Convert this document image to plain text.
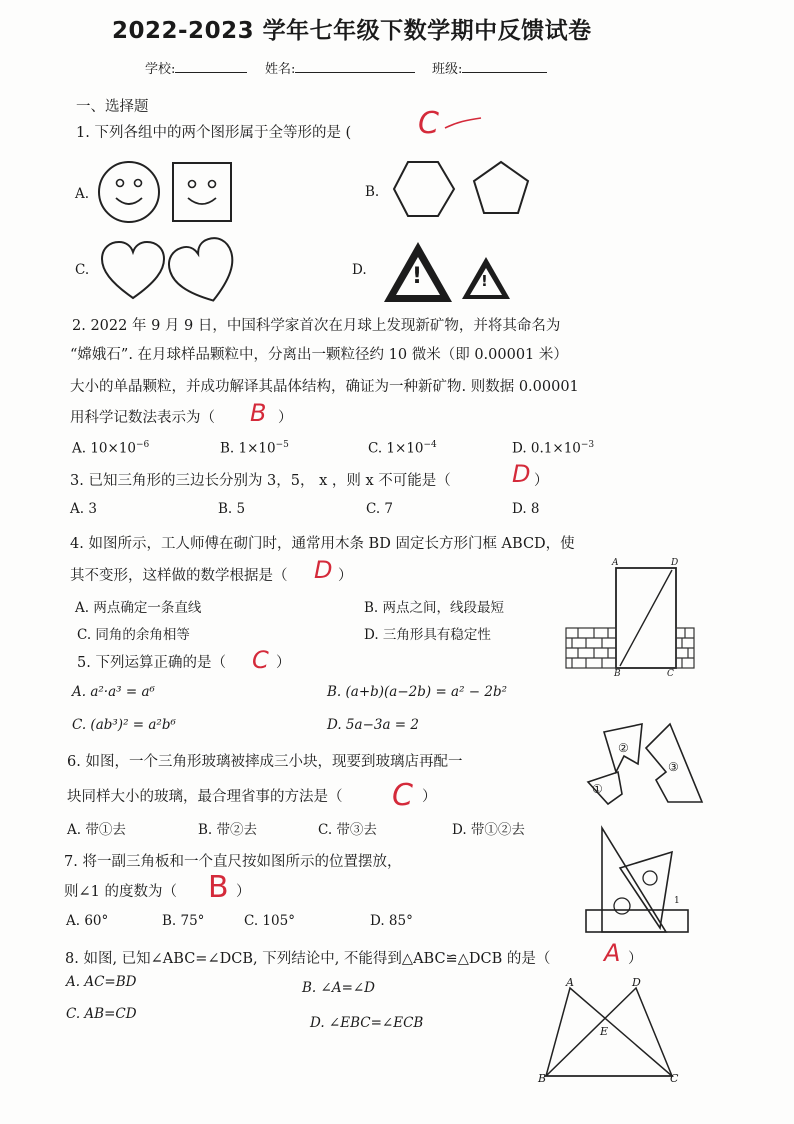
2022-2023 学年七年级下数学期中反馈试卷
学校:	姓名:	班级:
一、选择题
1. 下列各组中的两个图形属于全等形的是 ( C
A.	B.
C.	D. !	!
2. 2022 年 9 月 9 日，中国科学家首次在月球上发现新矿物，并将其命名为
“嫦娥石”. 在月球样品颗粒中，分离出一颗粒径约 10 微米（即 0.00001 米）
大小的单晶颗粒，并成功解译其晶体结构，确证为一种新矿物. 则数据 0.00001
用科学记数法表示为（ B ）
A. $10\times 10^{-6}$	B. $1\times 10^{-5}$	C. $1\times 10^{-4}$	D. $0.1\times 10^{-3}$
3. 已知三角形的三边长分别为 3，5， x ，则 x 不可能是（	D ）
A. 3	B. 5	C. 7	D. 8
4. 如图所示，工人师傅在砌门时，通常用木条 BD 固定长方形门框 ABCD，使
其不变形，这样做的数学根据是（ D ）
A. 两点确定一条直线	B. 两点之间，线段最短
C. 同角的余角相等	D. 三角形具有稳定性
A	D
B	C
5. 下列运算正确的是（ C ）
A. a²·a³ = a⁶	B. (a+b)(a−2b) = a² − 2b²
C. (ab³)² = a²b⁶	D. 5a−3a = 2
6. 如图，一个三角形玻璃被摔成三小块，现要到玻璃店再配一
块同样大小的玻璃，最合理省事的方法是（ C ）
A. 带①去	B. 带②去	C. 带③去	D. 带①②去
②
①
③
7. 将一副三角板和一个直尺按如图所示的位置摆放，
则∠1 的度数为（ B ）
A. 60°	B. 75°	C. 105°	D. 85°
1
8. 如图, 已知∠ABC=∠DCB, 下列结论中, 不能得到△ABC≌△DCB 的是（ A ）
A. AC=BD	B. ∠A=∠D
C. AB=CD
D. ∠EBC=∠ECB
A	D
E
B	C
